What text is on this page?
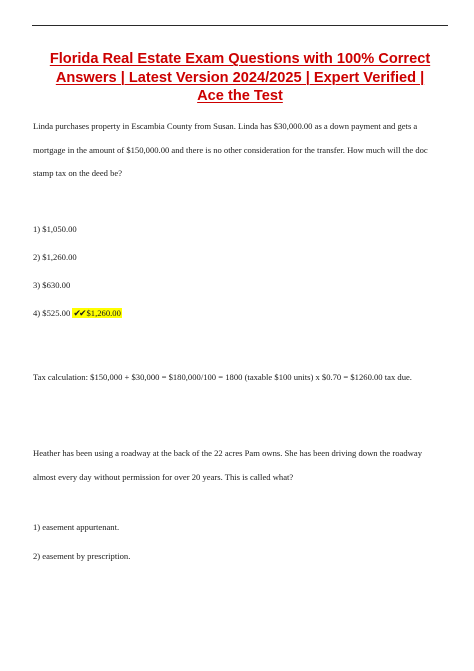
Florida Real Estate Exam Questions with 100% Correct Answers | Latest Version 2024/2025 | Expert Verified | Ace the Test

Linda purchases property in Escambia County from Susan. Linda has $30,000.00 as a down payment and gets a mortgage in the amount of $150,000.00 and there is no other consideration for the transfer. How much will the doc stamp tax on the deed be?

1) $1,050.00

2) $1,260.00

3) $630.00

4) $525.00 ✔✔ $1,260.00

Tax calculation: $150,000 + $30,000 = $180,000/100 = 1800 (taxable $100 units) x $0.70 = $1260.00 tax due.

Heather has been using a roadway at the back of the 22 acres Pam owns. She has been driving down the roadway almost every day without permission for over 20 years. This is called what?

1) easement appurtenant.

2) easement by prescription.
